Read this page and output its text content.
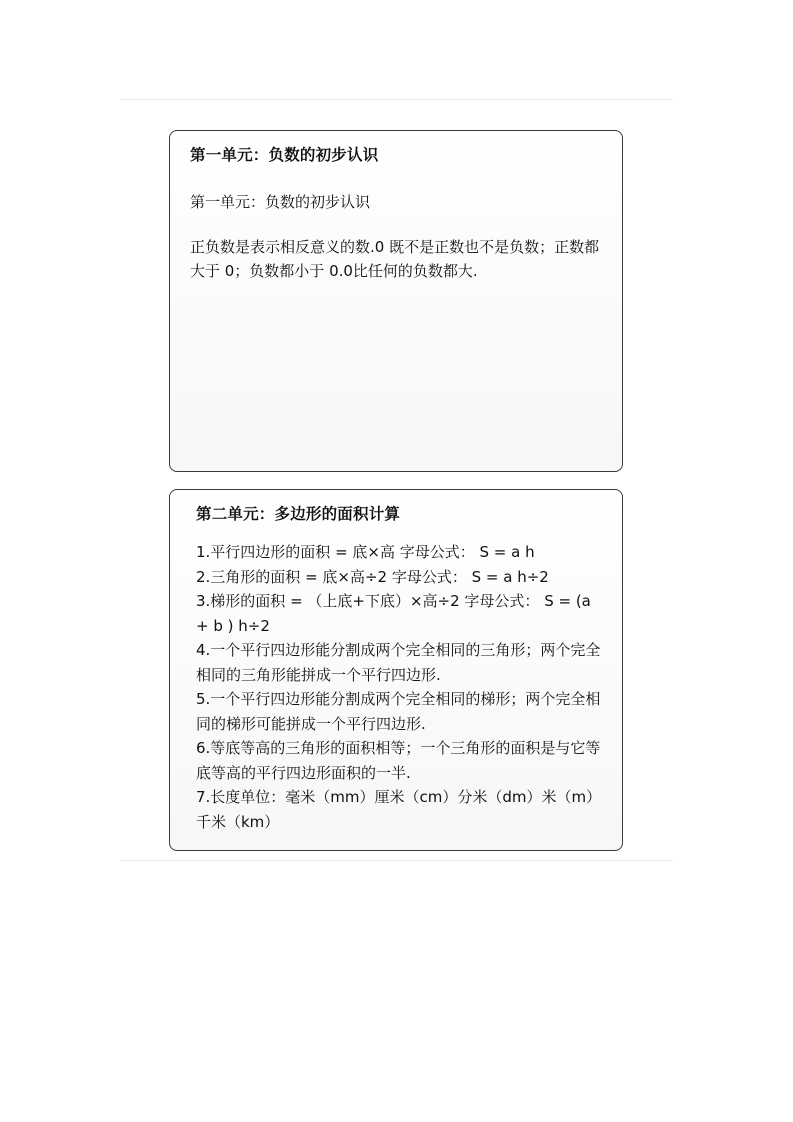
第一单元：负数的初步认识
第一单元：负数的初步认识
正负数是表示相反意义的数.0 既不是正数也不是负数；正数都大于 0；负数都小于 0.0比任何的负数都大.
第二单元：多边形的面积计算

1.平行四边形的面积 = 底×高 字母公式： S = a h

2.三角形的面积 = 底×高÷2 字母公式： S = a h÷2

3.梯形的面积 = （上底+下底）×高÷2 字母公式： S = (a + b ) h÷2

4.一个平行四边形能分割成两个完全相同的三角形；两个完全相同的三角形能拼成一个平行四边形.

5.一个平行四边形能分割成两个完全相同的梯形；两个完全相同的梯形可能拼成一个平行四边形.

6.等底等高的三角形的面积相等；一个三角形的面积是与它等底等高的平行四边形面积的一半.

7.长度单位：毫米（mm）厘米（cm）分米（dm）米（m）千米（km）
